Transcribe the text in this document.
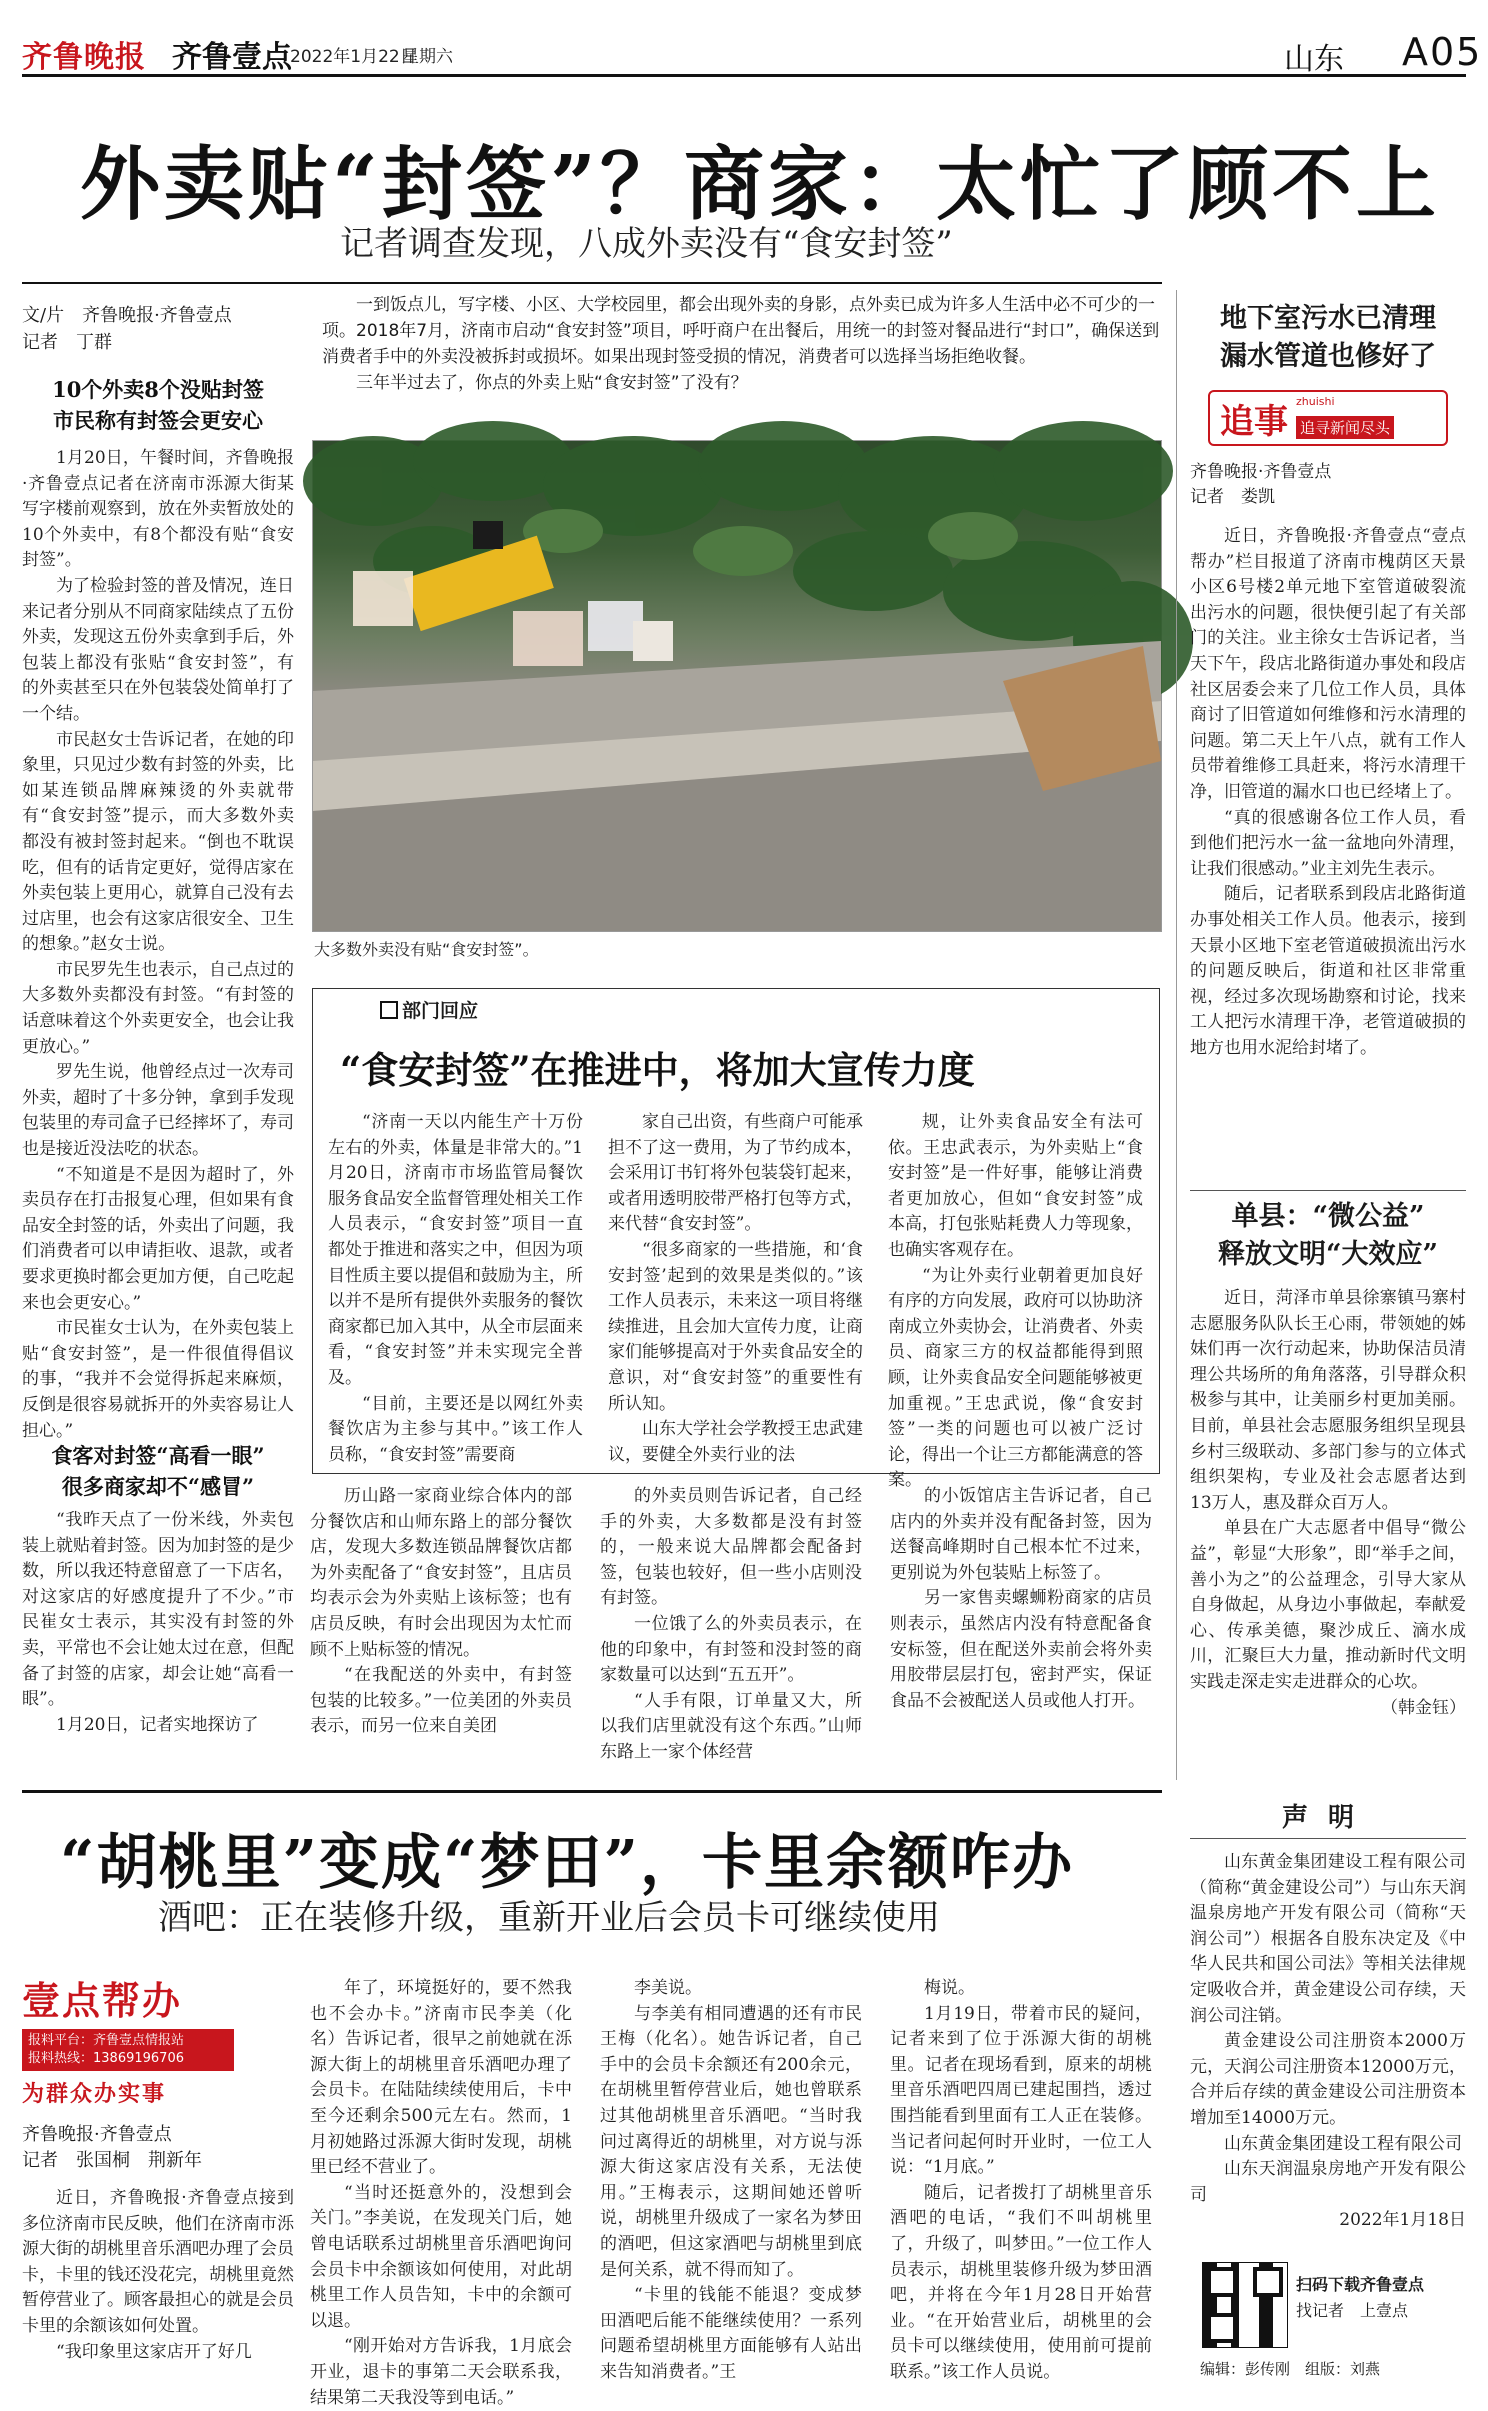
齐鲁晚报 齐鲁壹点
2022年1月22日
星期六	山东 A05
外卖贴“封签”？商家：太忙了顾不上
记者调查发现，八成外卖没有“食安封签”
文/片　齐鲁晚报·齐鲁壹点
记者　丁群

一到饭点儿，写字楼、小区、大学校园里，都会出现外卖的身影，点外卖已成为许多人生活中必不可少的一项。2018年7月，济南市启动“食安封签”项目，呼吁商户在出餐后，用统一的封签对餐品进行“封口”，确保送到消费者手中的外卖没被拆封或损坏。如果出现封签受损的情况，消费者可以选择当场拒绝收餐。

三年半过去了，你点的外卖上贴“食安封签”了没有？

10个外卖8个没贴封签
市民称有封签会更安心

1月20日，午餐时间，齐鲁晚报·齐鲁壹点记者在济南市泺源大街某写字楼前观察到，放在外卖暂放处的10个外卖中，有8个都没有贴“食安封签”。

为了检验封签的普及情况，连日来记者分别从不同商家陆续点了五份外卖，发现这五份外卖拿到手后，外包装上都没有张贴“食安封签”，有的外卖甚至只在外包装袋处简单打了一个结。

市民赵女士告诉记者，在她的印象里，只见过少数有封签的外卖，比如某连锁品牌麻辣烫的外卖就带有“食安封签”提示，而大多数外卖都没有被封签封起来。“倒也不耽误吃，但有的话肯定更好，觉得店家在外卖包装上更用心，就算自己没有去过店里，也会有这家店很安全、卫生的想象。”赵女士说。

市民罗先生也表示，自己点过的大多数外卖都没有封签。“有封签的话意味着这个外卖更安全，也会让我更放心。”

罗先生说，他曾经点过一次寿司外卖，超时了十多分钟，拿到手发现包装里的寿司盒子已经摔坏了，寿司也是接近没法吃的状态。

“不知道是不是因为超时了，外卖员存在打击报复心理，但如果有食品安全封签的话，外卖出了问题，我们消费者可以申请拒收、退款，或者要求更换时都会更加方便，自己吃起来也会更安心。”

市民崔女士认为，在外卖包装上贴“食安封签”，是一件很值得倡议的事，“我并不会觉得拆起来麻烦，反倒是很容易就拆开的外卖容易让人担心。”

食客对封签“高看一眼”
很多商家却不“感冒”

“我昨天点了一份米线，外卖包装上就贴着封签。因为加封签的是少数，所以我还特意留意了一下店名，对这家店的好感度提升了不少。”市民崔女士表示，其实没有封签的外卖，平常也不会让她太过在意，但配备了封签的店家，却会让她“高看一眼”。

1月20日，记者实地探访了

大多数外卖没有贴“食安封签”。
部门回应
“食安封签”在推进中，将加大宣传力度

“济南一天以内能生产十万份左右的外卖，体量是非常大的。”1月20日，济南市市场监管局餐饮服务食品安全监督管理处相关工作人员表示，“食安封签”项目一直都处于推进和落实之中，但因为项目性质主要以提倡和鼓励为主，所以并不是所有提供外卖服务的餐饮商家都已加入其中，从全市层面来看，“食安封签”并未实现完全普及。

“目前，主要还是以网红外卖餐饮店为主参与其中。”该工作人员称，“食安封签”需要商

家自己出资，有些商户可能承担不了这一费用，为了节约成本，会采用订书钉将外包装袋钉起来，或者用透明胶带严格打包等方式，来代替“食安封签”。

“很多商家的一些措施，和‘食安封签’起到的效果是类似的。”该工作人员表示，未来这一项目将继续推进，且会加大宣传力度，让商家们能够提高对于外卖食品安全的意识，对“食安封签”的重要性有所认知。

山东大学社会学教授王忠武建议，要健全外卖行业的法

规，让外卖食品安全有法可依。王忠武表示，为外卖贴上“食安封签”是一件好事，能够让消费者更加放心，但如“食安封签”成本高，打包张贴耗费人力等现象，也确实客观存在。

“为让外卖行业朝着更加良好有序的方向发展，政府可以协助济南成立外卖协会，让消费者、外卖员、商家三方的权益都能得到照顾，让外卖食品安全问题能够被更加重视。”王忠武说，像“食安封签”一类的问题也可以被广泛讨论，得出一个让三方都能满意的答案。

历山路一家商业综合体内的部分餐饮店和山师东路上的部分餐饮店，发现大多数连锁品牌餐饮店都为外卖配备了“食安封签”，且店员均表示会为外卖贴上该标签；也有店员反映，有时会出现因为太忙而顾不上贴标签的情况。

“在我配送的外卖中，有封签包装的比较多。”一位美团的外卖员表示，而另一位来自美团

的外卖员则告诉记者，自己经手的外卖，大多数都是没有封签的，一般来说大品牌都会配备封签，包装也较好，但一些小店则没有封签。

一位饿了么的外卖员表示，在他的印象中，有封签和没封签的商家数量可以达到“五五开”。

“人手有限，订单量又大，所以我们店里就没有这个东西。”山师东路上一家个体经营

的小饭馆店主告诉记者，自己店内的外卖并没有配备封签，因为送餐高峰期时自己根本忙不过来，更别说为外包装贴上标签了。

另一家售卖螺蛳粉商家的店员则表示，虽然店内没有特意配备食安标签，但在配送外卖前会将外卖用胶带层层打包，密封严实，保证食品不会被配送人员或他人打开。

地下室污水已清理
漏水管道也修好了
追事
zhuishi
追寻新闻尽头
齐鲁晚报·齐鲁壹点
记者　娄凯

近日，齐鲁晚报·齐鲁壹点“壹点帮办”栏目报道了济南市槐荫区天景小区6号楼2单元地下室管道破裂流出污水的问题，很快便引起了有关部门的关注。业主徐女士告诉记者，当天下午，段店北路街道办事处和段店社区居委会来了几位工作人员，具体商讨了旧管道如何维修和污水清理的问题。第二天上午八点，就有工作人员带着维修工具赶来，将污水清理干净，旧管道的漏水口也已经堵上了。

“真的很感谢各位工作人员，看到他们把污水一盆一盆地向外清理，让我们很感动。”业主刘先生表示。

随后，记者联系到段店北路街道办事处相关工作人员。他表示，接到天景小区地下室老管道破损流出污水的问题反映后，街道和社区非常重视，经过多次现场勘察和讨论，找来工人把污水清理干净，老管道破损的地方也用水泥给封堵了。

单县：“微公益”
释放文明“大效应”

近日，菏泽市单县徐寨镇马寨村志愿服务队队长王心雨，带领她的姊妹们再一次行动起来，协助保洁员清理公共场所的角角落落，引导群众积极参与其中，让美丽乡村更加美丽。目前，单县社会志愿服务组织呈现县乡村三级联动、多部门参与的立体式组织架构，专业及社会志愿者达到13万人，惠及群众百万人。

单县在广大志愿者中倡导“微公益”，彰显“大形象”，即“举手之间，善小为之”的公益理念，引导大家从自身做起，从身边小事做起，奉献爱心、传承美德，聚沙成丘、滴水成川，汇聚巨大力量，推动新时代文明实践走深走实走进群众的心坎。

（韩金钰）

“胡桃里”变成“梦田”，卡里余额咋办
酒吧：正在装修升级，重新开业后会员卡可继续使用
壹点帮办
报料平台：齐鲁壹点情报站
报料热线：13869196706
为群众办实事
齐鲁晚报·齐鲁壹点
记者　张国桐　荆新年

近日，齐鲁晚报·齐鲁壹点接到多位济南市民反映，他们在济南市泺源大街的胡桃里音乐酒吧办理了会员卡，卡里的钱还没花完，胡桃里竟然暂停营业了。顾客最担心的就是会员卡里的余额该如何处置。

“我印象里这家店开了好几

年了，环境挺好的，要不然我也不会办卡。”济南市民李美（化名）告诉记者，很早之前她就在泺源大街上的胡桃里音乐酒吧办理了会员卡。在陆陆续续使用后，卡中至今还剩余500元左右。然而，1月初她路过泺源大街时发现，胡桃里已经不营业了。

“当时还挺意外的，没想到会关门。”李美说，在发现关门后，她曾电话联系过胡桃里音乐酒吧询问会员卡中余额该如何使用，对此胡桃里工作人员告知，卡中的余额可以退。

“刚开始对方告诉我，1月底会开业，退卡的事第二天会联系我，结果第二天我没等到电话。”

李美说。

与李美有相同遭遇的还有市民王梅（化名）。她告诉记者，自己手中的会员卡余额还有200余元，在胡桃里暂停营业后，她也曾联系过其他胡桃里音乐酒吧。“当时我问过离得近的胡桃里，对方说与泺源大街这家店没有关系，无法使用。”王梅表示，这期间她还曾听说，胡桃里升级成了一家名为梦田的酒吧，但这家酒吧与胡桃里到底是何关系，就不得而知了。

“卡里的钱能不能退？变成梦田酒吧后能不能继续使用？一系列问题希望胡桃里方面能够有人站出来告知消费者。”王

梅说。

1月19日，带着市民的疑问，记者来到了位于泺源大街的胡桃里。记者在现场看到，原来的胡桃里音乐酒吧四周已建起围挡，透过围挡能看到里面有工人正在装修。当记者问起何时开业时，一位工人说：“1月底。”

随后，记者拨打了胡桃里音乐酒吧的电话，“我们不叫胡桃里了，升级了，叫梦田。”一位工作人员表示，胡桃里装修升级为梦田酒吧，并将在今年1月28日开始营业。“在开始营业后，胡桃里的会员卡可以继续使用，使用前可提前联系。”该工作人员说。

声明

山东黄金集团建设工程有限公司（简称“黄金建设公司”）与山东天润温泉房地产开发有限公司（简称“天润公司”）根据各自股东决定及《中华人民共和国公司法》等相关法律规定吸收合并，黄金建设公司存续，天润公司注销。

黄金建设公司注册资本2000万元，天润公司注册资本12000万元，合并后存续的黄金建设公司注册资本增加至14000万元。

山东黄金集团建设工程有限公司

山东天润温泉房地产开发有限公司

2022年1月18日

扫码下载齐鲁壹点
找记者　上壹点
编辑：彭传刚　组版：刘燕
